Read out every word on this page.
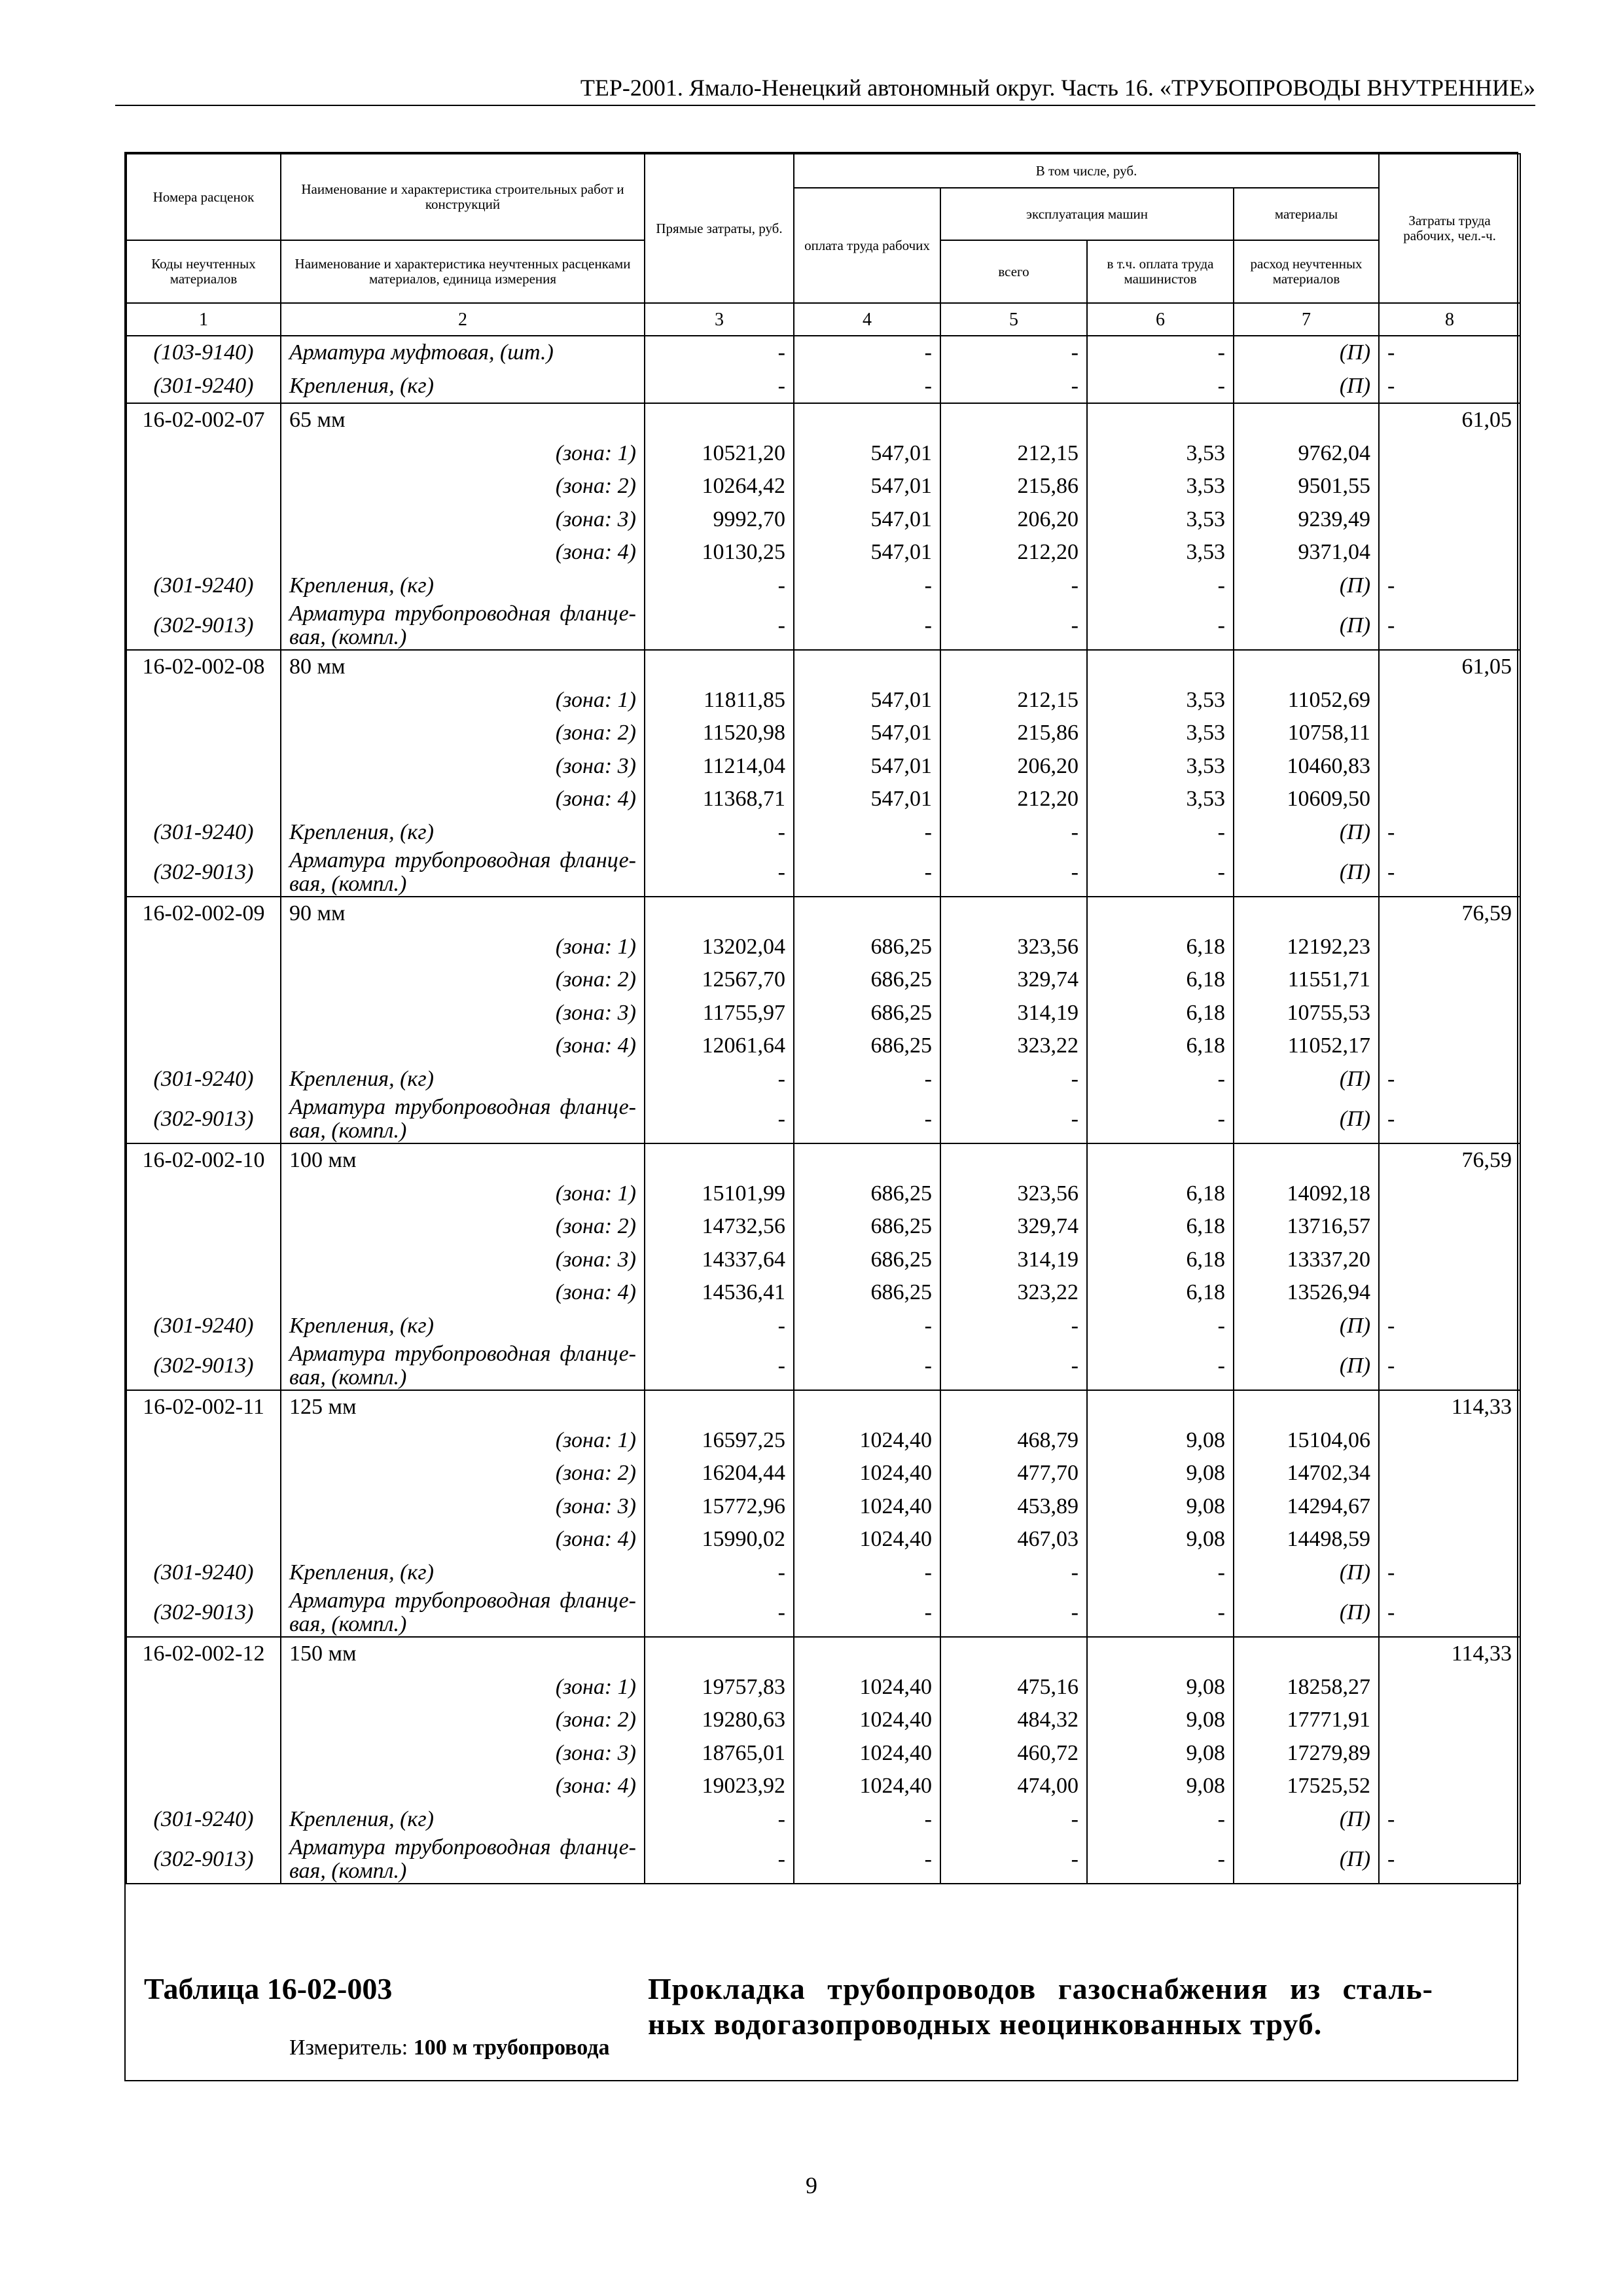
ТЕР-2001. Ямало-Ненецкий автономный округ. Часть 16. «ТРУБОПРОВОДЫ ВНУТРЕННИЕ»
Номера расценок	Наименование и характеристика строительных работ и конструкций	Прямые затраты, руб.	В том числе, руб.				Затраты труда рабочих, чел.-ч.
			оплата труда рабочих	эксплуатация машин		материалы	
Коды неучтенных материалов	Наименование и характеристика неучтенных расценками материалов, единица измерения			всего	в т.ч. оплата труда машинистов	расход неучтенных материалов	
1	2	3	4	5	6	7	8
(103-9140)	Арматура муфтовая, (шт.)	-	-	-	-	(П)	-
(301-9240)	Крепления, (кг)	-	-	-	-	(П)	-
16-02-002-07	65 мм						61,05
	(зона: 1)	10521,20	547,01	212,15	3,53	9762,04	
	(зона: 2)	10264,42	547,01	215,86	3,53	9501,55	
	(зона: 3)	9992,70	547,01	206,20	3,53	9239,49	
	(зона: 4)	10130,25	547,01	212,20	3,53	9371,04	
(301-9240)	Крепления, (кг)	-	-	-	-	(П)	-
(302-9013)	Арматура трубопроводная фланце-вая, (компл.)	-	-	-	-	(П)	-
16-02-002-08	80 мм						61,05
	(зона: 1)	11811,85	547,01	212,15	3,53	11052,69	
	(зона: 2)	11520,98	547,01	215,86	3,53	10758,11	
	(зона: 3)	11214,04	547,01	206,20	3,53	10460,83	
	(зона: 4)	11368,71	547,01	212,20	3,53	10609,50	
(301-9240)	Крепления, (кг)	-	-	-	-	(П)	-
(302-9013)	Арматура трубопроводная фланце-вая, (компл.)	-	-	-	-	(П)	-
16-02-002-09	90 мм						76,59
	(зона: 1)	13202,04	686,25	323,56	6,18	12192,23	
	(зона: 2)	12567,70	686,25	329,74	6,18	11551,71	
	(зона: 3)	11755,97	686,25	314,19	6,18	10755,53	
	(зона: 4)	12061,64	686,25	323,22	6,18	11052,17	
(301-9240)	Крепления, (кг)	-	-	-	-	(П)	-
(302-9013)	Арматура трубопроводная фланце-вая, (компл.)	-	-	-	-	(П)	-
16-02-002-10	100 мм						76,59
	(зона: 1)	15101,99	686,25	323,56	6,18	14092,18	
	(зона: 2)	14732,56	686,25	329,74	6,18	13716,57	
	(зона: 3)	14337,64	686,25	314,19	6,18	13337,20	
	(зона: 4)	14536,41	686,25	323,22	6,18	13526,94	
(301-9240)	Крепления, (кг)	-	-	-	-	(П)	-
(302-9013)	Арматура трубопроводная фланце-вая, (компл.)	-	-	-	-	(П)	-
16-02-002-11	125 мм						114,33
	(зона: 1)	16597,25	1024,40	468,79	9,08	15104,06	
	(зона: 2)	16204,44	1024,40	477,70	9,08	14702,34	
	(зона: 3)	15772,96	1024,40	453,89	9,08	14294,67	
	(зона: 4)	15990,02	1024,40	467,03	9,08	14498,59	
(301-9240)	Крепления, (кг)	-	-	-	-	(П)	-
(302-9013)	Арматура трубопроводная фланце-вая, (компл.)	-	-	-	-	(П)	-
16-02-002-12	150 мм						114,33
	(зона: 1)	19757,83	1024,40	475,16	9,08	18258,27	
	(зона: 2)	19280,63	1024,40	484,32	9,08	17771,91	
	(зона: 3)	18765,01	1024,40	460,72	9,08	17279,89	
	(зона: 4)	19023,92	1024,40	474,00	9,08	17525,52	
(301-9240)	Крепления, (кг)	-	-	-	-	(П)	-
(302-9013)	Арматура трубопроводная фланце-вая, (компл.)	-	-	-	-	(П)	-

Таблица 16-02-003	Прокладка трубопроводов газоснабжения из сталь-ных водогазопроводных неоцинкованных труб.
Измеритель: 100 м трубопровода
9
